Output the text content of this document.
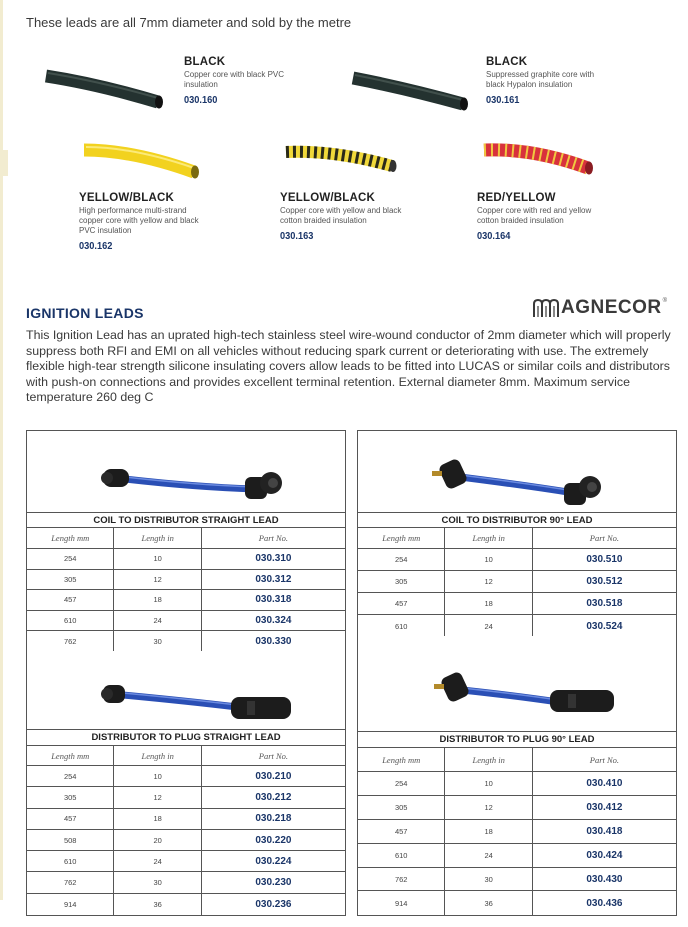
These leads are all 7mm diameter and sold by the metre
BLACK
Copper core with black PVC
insulation
030.160
BLACK
Suppressed graphite core with
black Hypalon insulation
030.161
YELLOW/BLACK
High performance multi-strand
copper core with yellow and black
PVC insulation
030.162
YELLOW/BLACK
Copper core with yellow and black
cotton braided insulation
030.163
RED/YELLOW
Copper core with red and yellow
cotton braided insulation
030.164
IGNITION LEADS	AGNECOR ®
This Ignition Lead has an uprated high-tech stainless steel wire-wound conductor of 2mm diameter which will properly suppress both RFI and EMI on all vehicles without reducing spark current or deteriorating with use. The extremely flexible high-tear strength silicone insulating covers allow leads to be fitted into LUCAS or similar coils and distributors with push-on connections and provides excellent terminal retention. External diameter 8mm. Maximum service temperature 260 deg C
COIL TO DISTRIBUTOR STRAIGHT LEAD
Length mm	Length in	Part No.
254	10	030.310
305	12	030.312
457	18	030.318
610	24	030.324
762	30	030.330
DISTRIBUTOR TO PLUG STRAIGHT LEAD
Length mm	Length in	Part No.
254	10	030.210
305	12	030.212
457	18	030.218
508	20	030.220
610	24	030.224
762	30	030.230
914	36	030.236
COIL TO DISTRIBUTOR 90° LEAD
Length mm	Length in	Part No.
254	10	030.510
305	12	030.512
457	18	030.518
610	24	030.524
DISTRIBUTOR TO PLUG 90° LEAD
Length mm	Length in	Part No.
254	10	030.410
305	12	030.412
457	18	030.418
610	24	030.424
762	30	030.430
914	36	030.436
